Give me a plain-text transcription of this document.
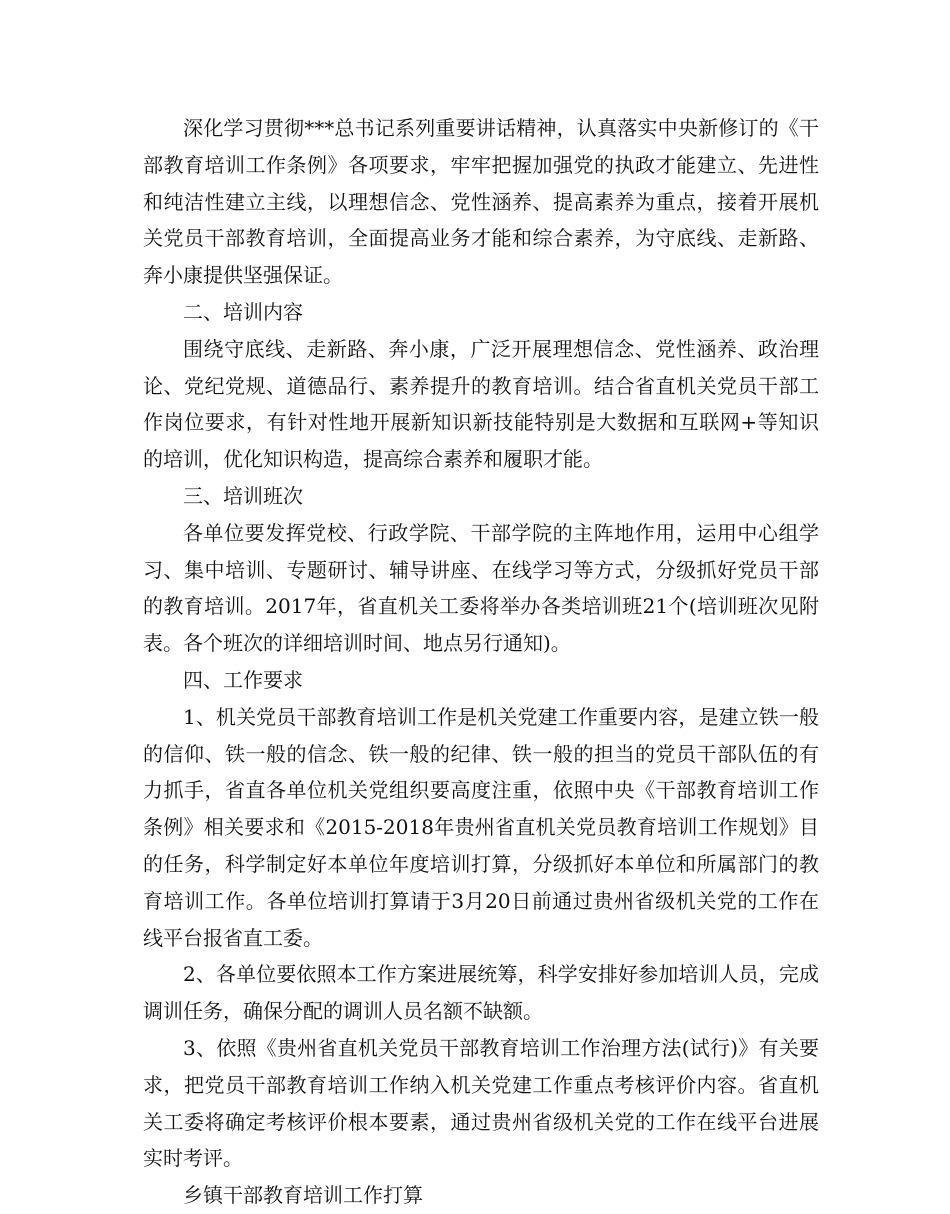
深化学习贯彻***总书记系列重要讲话精神，认真落实中央新修订的《干部教育培训工作条例》各项要求，牢牢把握加强党的执政才能建立、先进性和纯洁性建立主线，以理想信念、党性涵养、提高素养为重点，接着开展机关党员干部教育培训，全面提高业务才能和综合素养，为守底线、走新路、奔小康提供坚强保证。

二、培训内容

围绕守底线、走新路、奔小康，广泛开展理想信念、党性涵养、政治理论、党纪党规、道德品行、素养提升的教育培训。结合省直机关党员干部工作岗位要求，有针对性地开展新知识新技能特别是大数据和互联网+等知识的培训，优化知识构造，提高综合素养和履职才能。

三、培训班次

各单位要发挥党校、行政学院、干部学院的主阵地作用，运用中心组学习、集中培训、专题研讨、辅导讲座、在线学习等方式，分级抓好党员干部的教育培训。2017年，省直机关工委将举办各类培训班21个(培训班次见附表。各个班次的详细培训时间、地点另行通知)。

四、工作要求

1、机关党员干部教育培训工作是机关党建工作重要内容，是建立铁一般的信仰、铁一般的信念、铁一般的纪律、铁一般的担当的党员干部队伍的有力抓手，省直各单位机关党组织要高度注重，依照中央《干部教育培训工作条例》相关要求和《2015-2018年贵州省直机关党员教育培训工作规划》目的任务，科学制定好本单位年度培训打算，分级抓好本单位和所属部门的教育培训工作。各单位培训打算请于3月20日前通过贵州省级机关党的工作在线平台报省直工委。

2、各单位要依照本工作方案进展统筹，科学安排好参加培训人员，完成调训任务，确保分配的调训人员名额不缺额。

3、依照《贵州省直机关党员干部教育培训工作治理方法(试行)》有关要求，把党员干部教育培训工作纳入机关党建工作重点考核评价内容。省直机关工委将确定考核评价根本要素，通过贵州省级机关党的工作在线平台进展实时考评。

乡镇干部教育培训工作打算
